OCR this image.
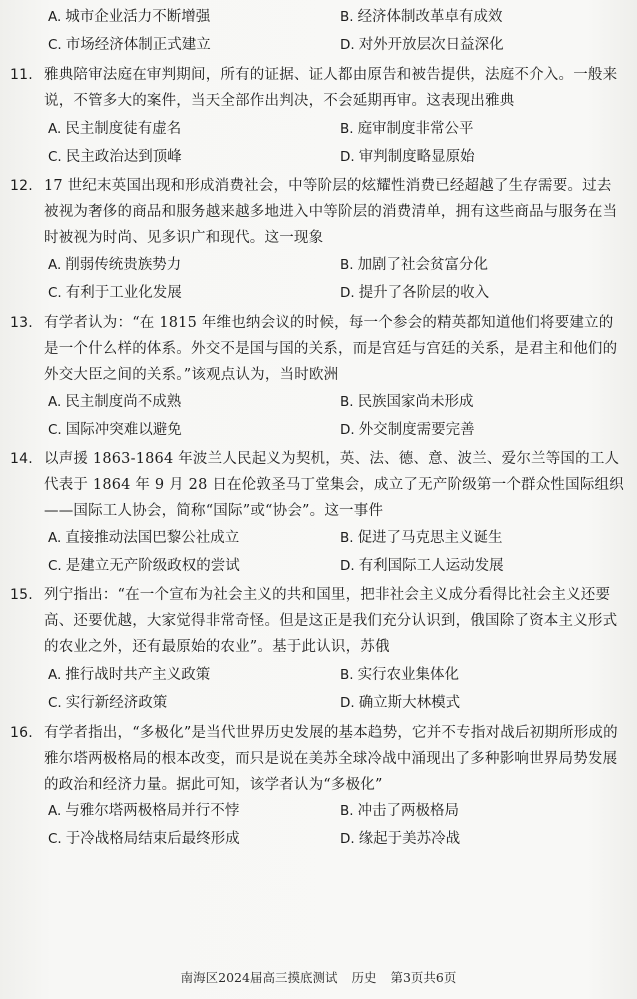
A. 城市企业活力不断增强	B. 经济体制改革卓有成效
C. 市场经济体制正式建立	D. 对外开放层次日益深化
11. 雅典陪审法庭在审判期间，所有的证据、证人都由原告和被告提供，法庭不介入。一般来说，不管多大的案件，当天全部作出判决，不会延期再审。这表现出雅典
A. 民主制度徒有虚名	B. 庭审制度非常公平
C. 民主政治达到顶峰	D. 审判制度略显原始
12. 17 世纪末英国出现和形成消费社会，中等阶层的炫耀性消费已经超越了生存需要。过去被视为奢侈的商品和服务越来越多地进入中等阶层的消费清单，拥有这些商品与服务在当时被视为时尚、见多识广和现代。这一现象
A. 削弱传统贵族势力	B. 加剧了社会贫富分化
C. 有利于工业化发展	D. 提升了各阶层的收入
13. 有学者认为：“在 1815 年维也纳会议的时候，每一个参会的精英都知道他们将要建立的是一个什么样的体系。外交不是国与国的关系，而是宫廷与宫廷的关系，是君主和他们的外交大臣之间的关系。”该观点认为，当时欧洲
A. 民主制度尚不成熟	B. 民族国家尚未形成
C. 国际冲突难以避免	D. 外交制度需要完善
14. 以声援 1863-1864 年波兰人民起义为契机，英、法、德、意、波兰、爱尔兰等国的工人代表于 1864 年 9 月 28 日在伦敦圣马丁堂集会，成立了无产阶级第一个群众性国际组织——国际工人协会，简称“国际”或“协会”。这一事件
A. 直接推动法国巴黎公社成立	B. 促进了马克思主义诞生
C. 是建立无产阶级政权的尝试	D. 有利国际工人运动发展
15. 列宁指出：“在一个宣布为社会主义的共和国里，把非社会主义成分看得比社会主义还要高、还要优越，大家觉得非常奇怪。但是这正是我们充分认识到，俄国除了资本主义形式的农业之外，还有最原始的农业”。基于此认识，苏俄
A. 推行战时共产主义政策	B. 实行农业集体化
C. 实行新经济政策	D. 确立斯大林模式
16. 有学者指出，“多极化”是当代世界历史发展的基本趋势，它并不专指对战后初期所形成的雅尔塔两极格局的根本改变，而只是说在美苏全球冷战中涌现出了多种影响世界局势发展的政治和经济力量。据此可知，该学者认为“多极化”
A. 与雅尔塔两极格局并行不悖	B. 冲击了两极格局
C. 于冷战格局结束后最终形成	D. 缘起于美苏冷战
南海区2024届高三摸底测试 历史 第3页共6页
